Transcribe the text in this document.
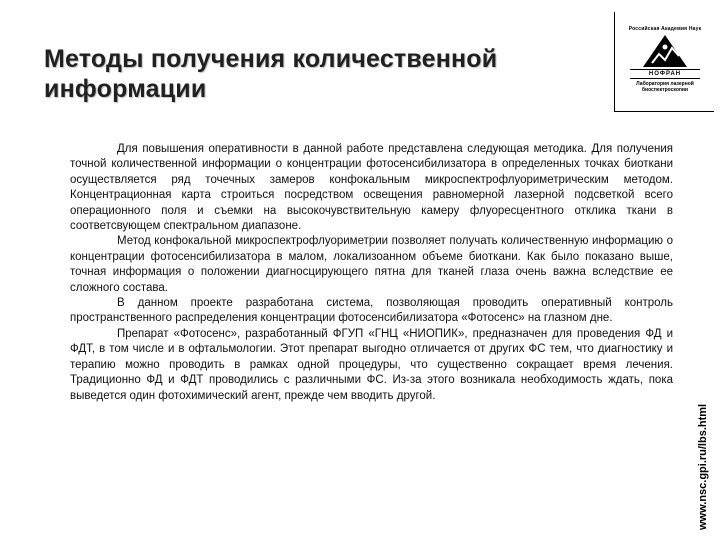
Методы получения количественной информации
Российская Академия Наук
НОФРАН
Лаборатория лазерной биоспектроскопии
www.nsc.gpi.ru/lbs.html

Для повышения оперативности в данной работе представлена следующая методика. Для получения точной количественной информации о концентрации фотосенсибилизатора в определенных точках биоткани осуществляется ряд точечных замеров конфокальным микроспектрофлуориметрическим методом. Концентрационная карта строиться посредством освещения равномерной лазерной подсветкой всего операционного поля и съемки на высокочувствительную камеру флуоресцентного отклика ткани в соответсвующем спектральном диапазоне.

Метод конфокальной микроспектрофлуориметрии позволяет получать количественную информацию о концентрации фотосенсибилизатора в малом, локализоанном объеме биоткани. Как было показано выше, точная информация о положении диагносцирующего пятна для тканей глаза очень важна вследствие ее сложного состава.

В данном проекте разработана система, позволяющая проводить оперативный контроль пространственного распределения концентрации фотосенсибилизатора «Фотосенс» на глазном дне.

Препарат «Фотосенс», разработанный ФГУП «ГНЦ «НИОПИК», предназначен для проведения ФД и ФДТ, в том числе и в офтальмологии. Этот препарат выгодно отличается от других ФС тем, что диагностику и терапию можно проводить в рамках одной процедуры, что существенно сокращает время лечения. Традиционно ФД и ФДТ проводились с различными ФС. Из-за этого возникала необходимость ждать, пока выведется один фотохимический агент, прежде чем вводить другой.
